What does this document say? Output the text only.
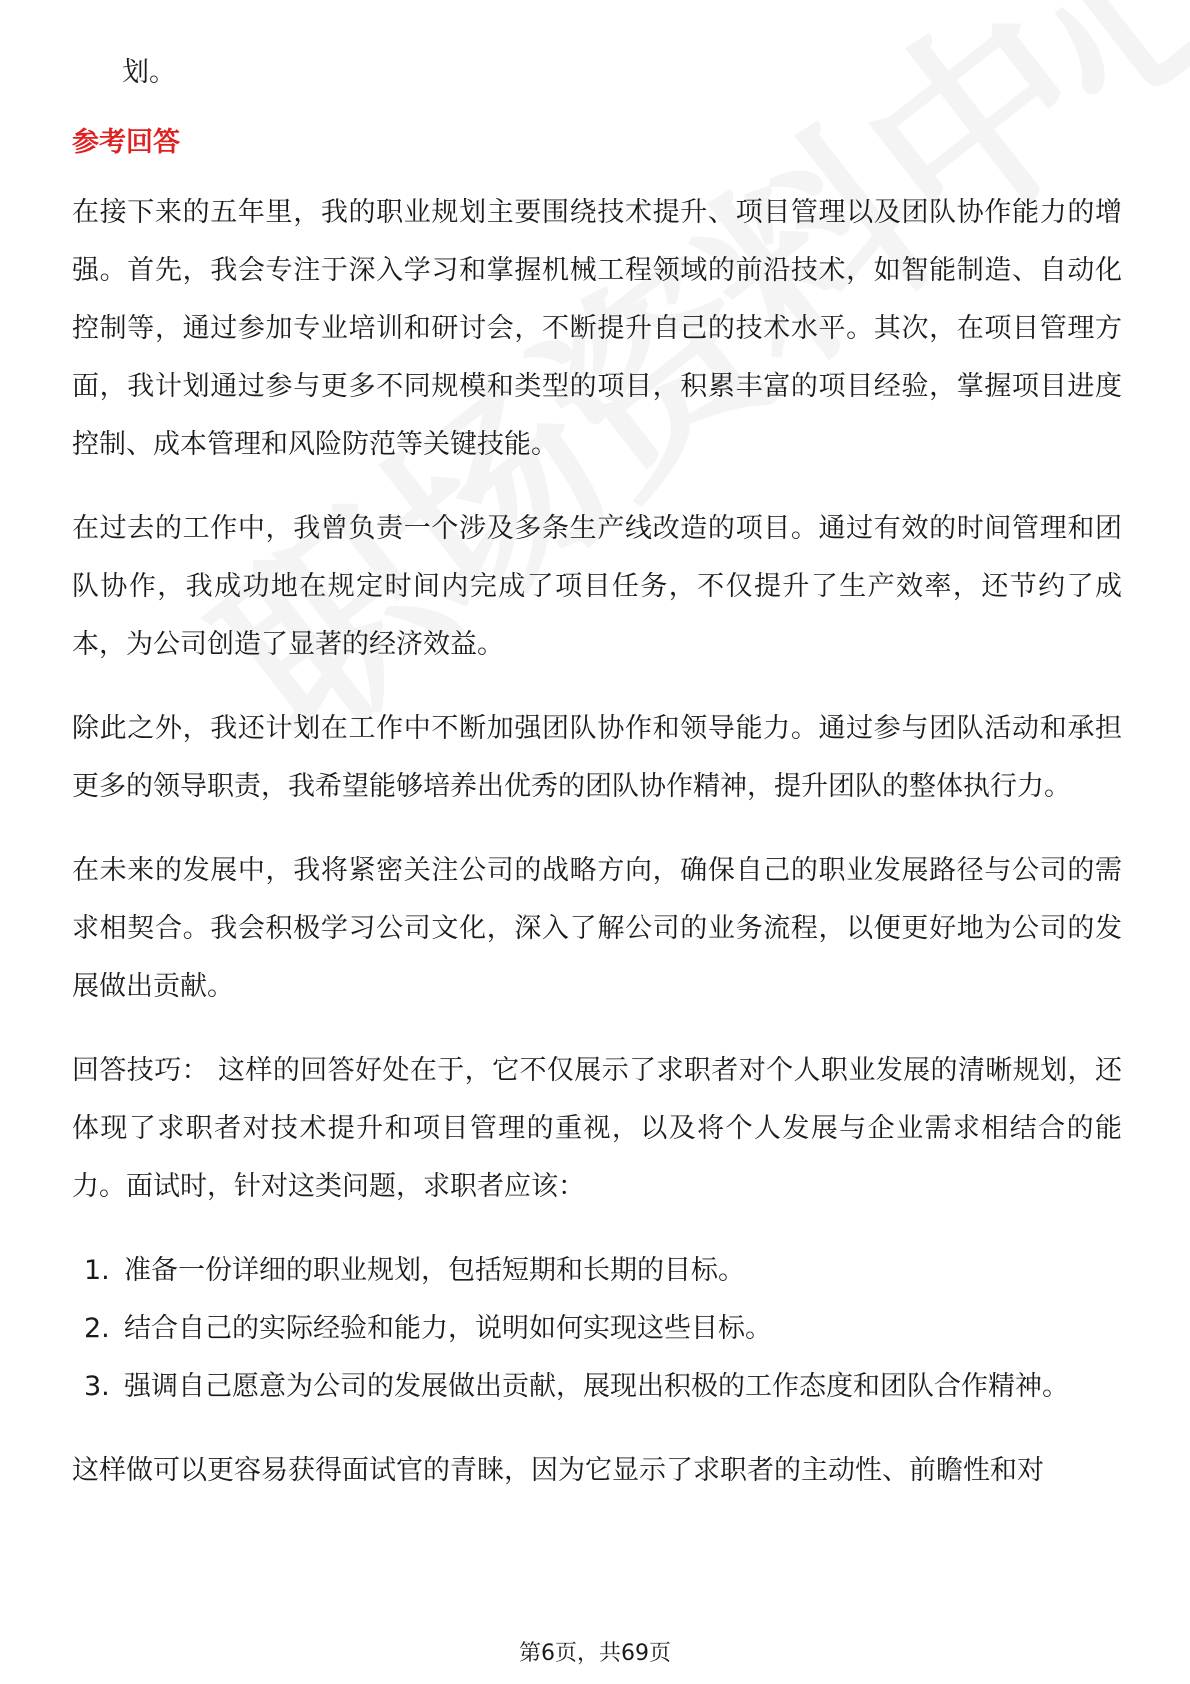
划。

参考回答

在接下来的五年里，我的职业规划主要围绕技术提升、项目管理以及团队协作能力的增强。首先，我会专注于深入学习和掌握机械工程领域的前沿技术，如智能制造、自动化控制等，通过参加专业培训和研讨会，不断提升自己的技术水平。其次，在项目管理方面，我计划通过参与更多不同规模和类型的项目，积累丰富的项目经验，掌握项目进度控制、成本管理和风险防范等关键技能。

在过去的工作中，我曾负责一个涉及多条生产线改造的项目。通过有效的时间管理和团队协作，我成功地在规定时间内完成了项目任务，不仅提升了生产效率，还节约了成本，为公司创造了显著的经济效益。

除此之外，我还计划在工作中不断加强团队协作和领导能力。通过参与团队活动和承担更多的领导职责，我希望能够培养出优秀的团队协作精神，提升团队的整体执行力。

在未来的发展中，我将紧密关注公司的战略方向，确保自己的职业发展路径与公司的需求相契合。我会积极学习公司文化，深入了解公司的业务流程，以便更好地为公司的发展做出贡献。

回答技巧： 这样的回答好处在于，它不仅展示了求职者对个人职业发展的清晰规划，还体现了求职者对技术提升和项目管理的重视，以及将个人发展与企业需求相结合的能力。面试时，针对这类问题，求职者应该：

1. 准备一份详细的职业规划，包括短期和长期的目标。
2. 结合自己的实际经验和能力，说明如何实现这些目标。
3. 强调自己愿意为公司的发展做出贡献，展现出积极的工作态度和团队合作精神。

这样做可以更容易获得面试官的青睐，因为它显示了求职者的主动性、前瞻性和对

第6页，共69页
